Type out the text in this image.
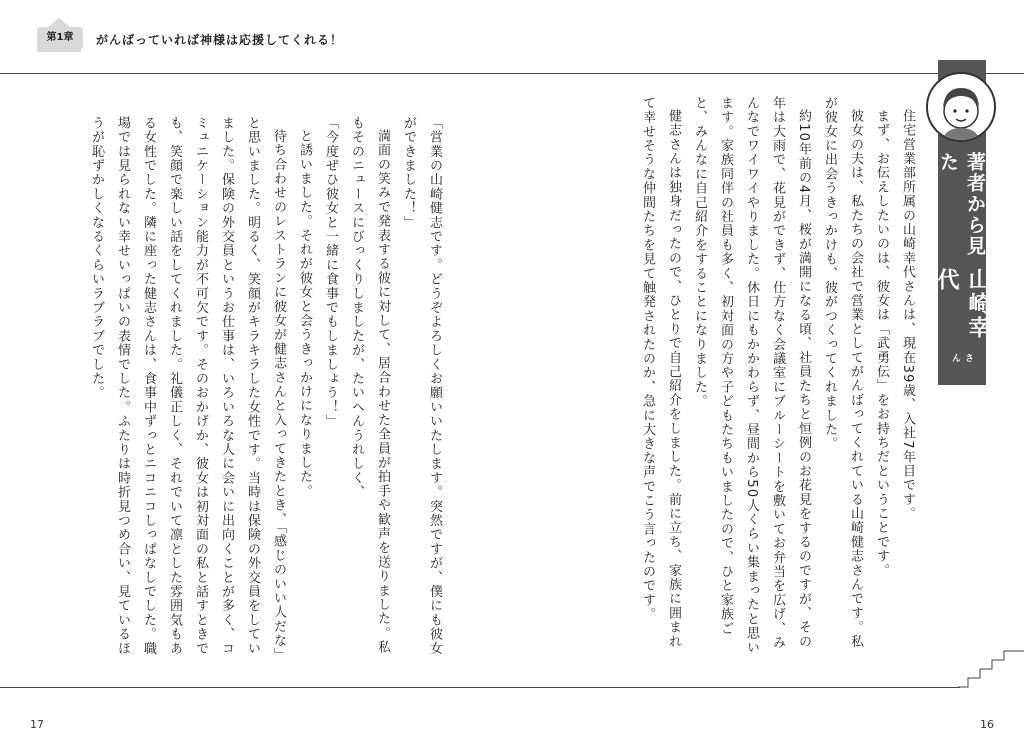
第1章	がんばっていれば神様は応援してくれる！
著者から見た
山崎幸代
さん

住宅営業部所属の山崎幸代さんは、現在39歳、入社7年目です。

まず、お伝えしたいのは、彼女は「武勇伝」をお持ちだということです。

彼女の夫は、私たちの会社で営業としてがんばってくれている山崎健志さんです。私が彼女に出会うきっかけも、彼がつくってくれました。

約10年前の4月、桜が満開になる頃、社員たちと恒例のお花見をするのですが、その年は大雨で、花見ができず、仕方なく会議室にブルーシートを敷いてお弁当を広げ、みんなでワイワイやりました。休日にもかかわらず、昼間から50人くらい集まったと思います。家族同伴の社員も多く、初対面の方や子どもたちもいましたので、ひと家族ごと、みんなに自己紹介をすることになりました。

健志さんは独身だったので、ひとりで自己紹介をしました。前に立ち、家族に囲まれて幸せそうな仲間たちを見て触発されたのか、急に大きな声でこう言ったのです。

「営業の山崎健志です。どうぞよろしくお願いいたします。突然ですが、僕にも彼女ができました！」

満面の笑みで発表する彼に対して、居合わせた全員が拍手や歓声を送りました。私もそのニュースにびっくりしましたが、たいへんうれしく、

「今度ぜひ彼女と一緒に食事でもしましょう！」

と誘いました。それが彼女と会うきっかけになりました。

待ち合わせのレストランに彼女が健志さんと入ってきたとき、「感じのいい人だな」と思いました。明るく、笑顔がキラキラした女性です。当時は保険の外交員をしていました。保険の外交員というお仕事は、いろいろな人に会いに出向くことが多く、コミュニケーション能力が不可欠です。そのおかげか、彼女は初対面の私と話すときでも、笑顔で楽しい話をしてくれました。礼儀正しく、それでいて凛とした雰囲気もある女性でした。隣に座った健志さんは、食事中ずっとニコニコしっぱなしでした。職場では見られない幸せいっぱいの表情でした。ふたりは時折見つめ合い、見ているほうが恥ずかしくなるくらいラブラブでした。

17	16
